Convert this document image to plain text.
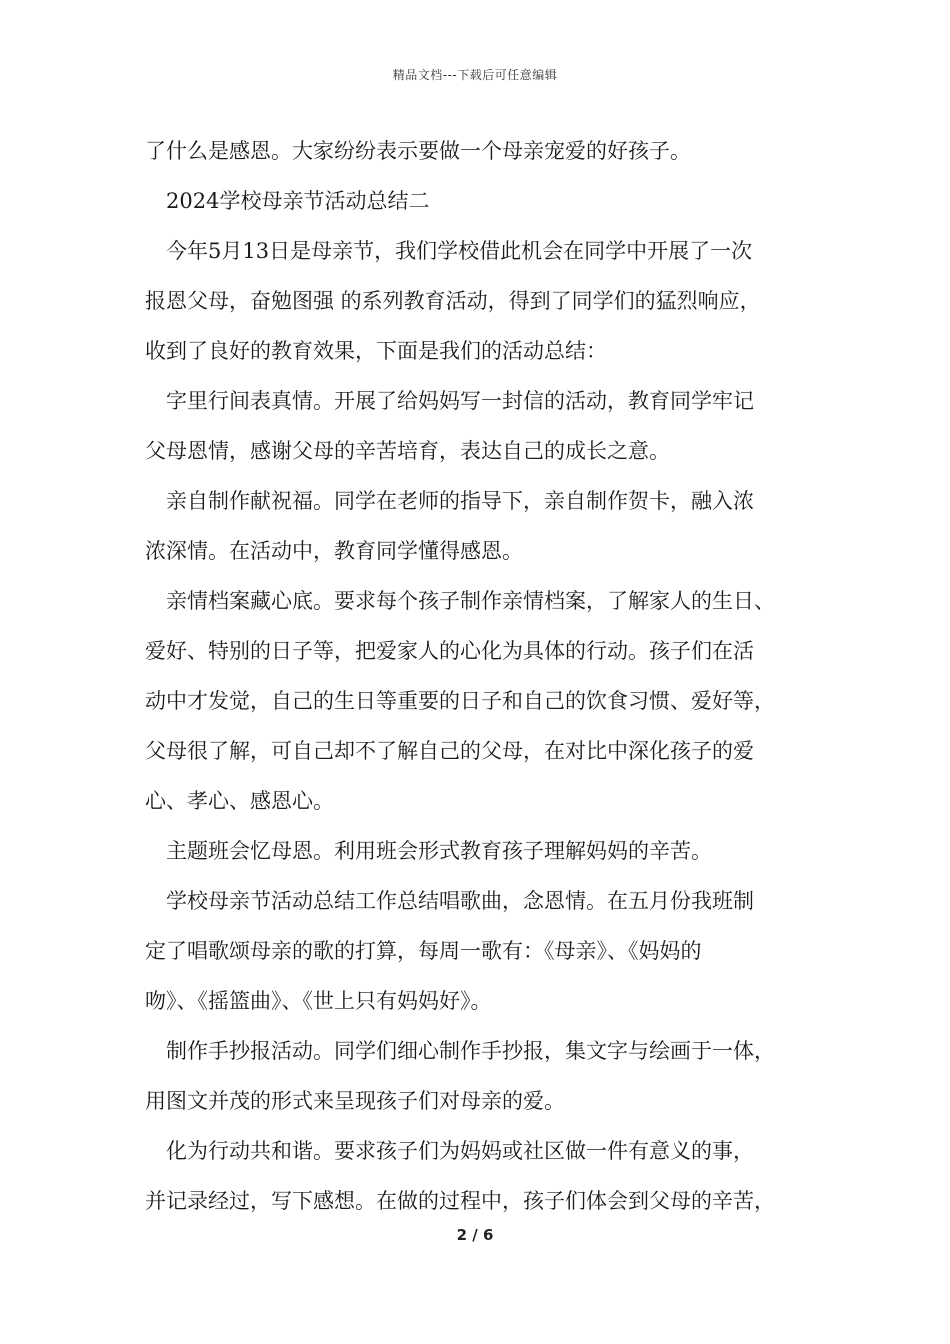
精品文档---下载后可任意编辑
了什么是感恩。大家纷纷表示要做一个母亲宠爱的好孩子。
2024学校母亲节活动总结二
今年5月13日是母亲节，我们学校借此机会在同学中开展了一次
报恩父母，奋勉图强 的系列教育活动，得到了同学们的猛烈响应，
收到了良好的教育效果，下面是我们的活动总结：
字里行间表真情。开展了给妈妈写一封信的活动，教育同学牢记
父母恩情，感谢父母的辛苦培育，表达自己的成长之意。
亲自制作献祝福。同学在老师的指导下，亲自制作贺卡，融入浓
浓深情。在活动中，教育同学懂得感恩。
亲情档案藏心底。要求每个孩子制作亲情档案，了解家人的生日、
爱好、特别的日子等，把爱家人的心化为具体的行动。孩子们在活
动中才发觉，自己的生日等重要的日子和自己的饮食习惯、爱好等，
父母很了解，可自己却不了解自己的父母，在对比中深化孩子的爱
心、孝心、感恩心。
主题班会忆母恩。利用班会形式教育孩子理解妈妈的辛苦。
学校母亲节活动总结工作总结唱歌曲，念恩情。在五月份我班制
定了唱歌颂母亲的歌的打算，每周一歌有：《母亲》、《妈妈的
吻》、《摇篮曲》、《世上只有妈妈好》。
制作手抄报活动。同学们细心制作手抄报，集文字与绘画于一体，
用图文并茂的形式来呈现孩子们对母亲的爱。
化为行动共和谐。要求孩子们为妈妈或社区做一件有意义的事，
并记录经过，写下感想。在做的过程中，孩子们体会到父母的辛苦，
2 / 6
